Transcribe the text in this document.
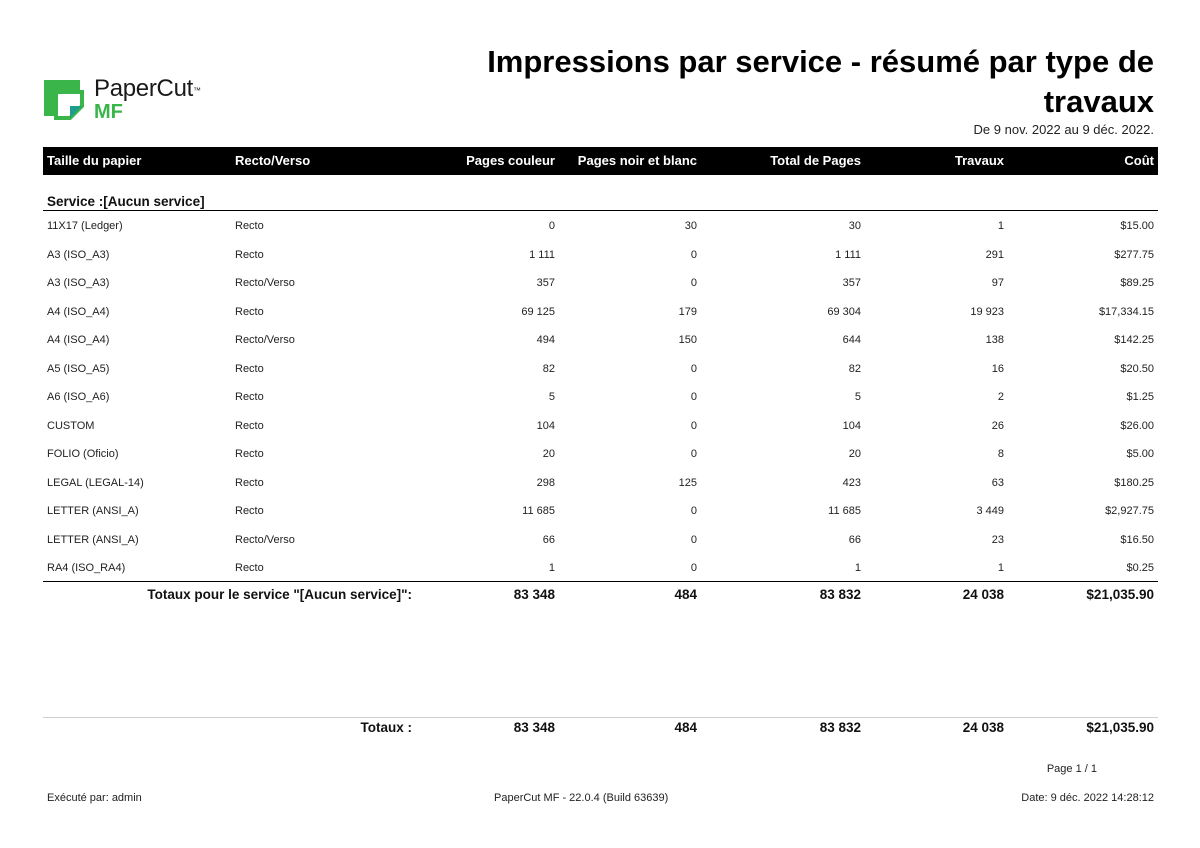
PaperCut™
MF
Impressions par service - résumé par type de travaux
De 9 nov. 2022 au 9 déc. 2022.
Taille du papier	Recto/Verso	Pages couleur	Pages noir et blanc	Total de Pages	Travaux	Coût
Service :[Aucun service]
11X17 (Ledger)	Recto	0	30	30	1	$15.00
A3 (ISO_A3)	Recto	1 111	0	1 111	291	$277.75
A3 (ISO_A3)	Recto/Verso	357	0	357	97	$89.25
A4 (ISO_A4)	Recto	69 125	179	69 304	19 923	$17,334.15
A4 (ISO_A4)	Recto/Verso	494	150	644	138	$142.25
A5 (ISO_A5)	Recto	82	0	82	16	$20.50
A6 (ISO_A6)	Recto	5	0	5	2	$1.25
CUSTOM	Recto	104	0	104	26	$26.00
FOLIO (Oficio)	Recto	20	0	20	8	$5.00
LEGAL (LEGAL-14)	Recto	298	125	423	63	$180.25
LETTER (ANSI_A)	Recto	11 685	0	11 685	3 449	$2,927.75
LETTER (ANSI_A)	Recto/Verso	66	0	66	23	$16.50
RA4 (ISO_RA4)	Recto	1	0	1	1	$0.25
Totaux pour le service "[Aucun service]":	83 348	484	83 832	24 038	$21,035.90
Totaux :	83 348	484	83 832	24 038	$21,035.90
Page 1 / 1
Exécuté par: admin	PaperCut MF - 22.0.4 (Build 63639)	Date: 9 déc. 2022 14:28:12
